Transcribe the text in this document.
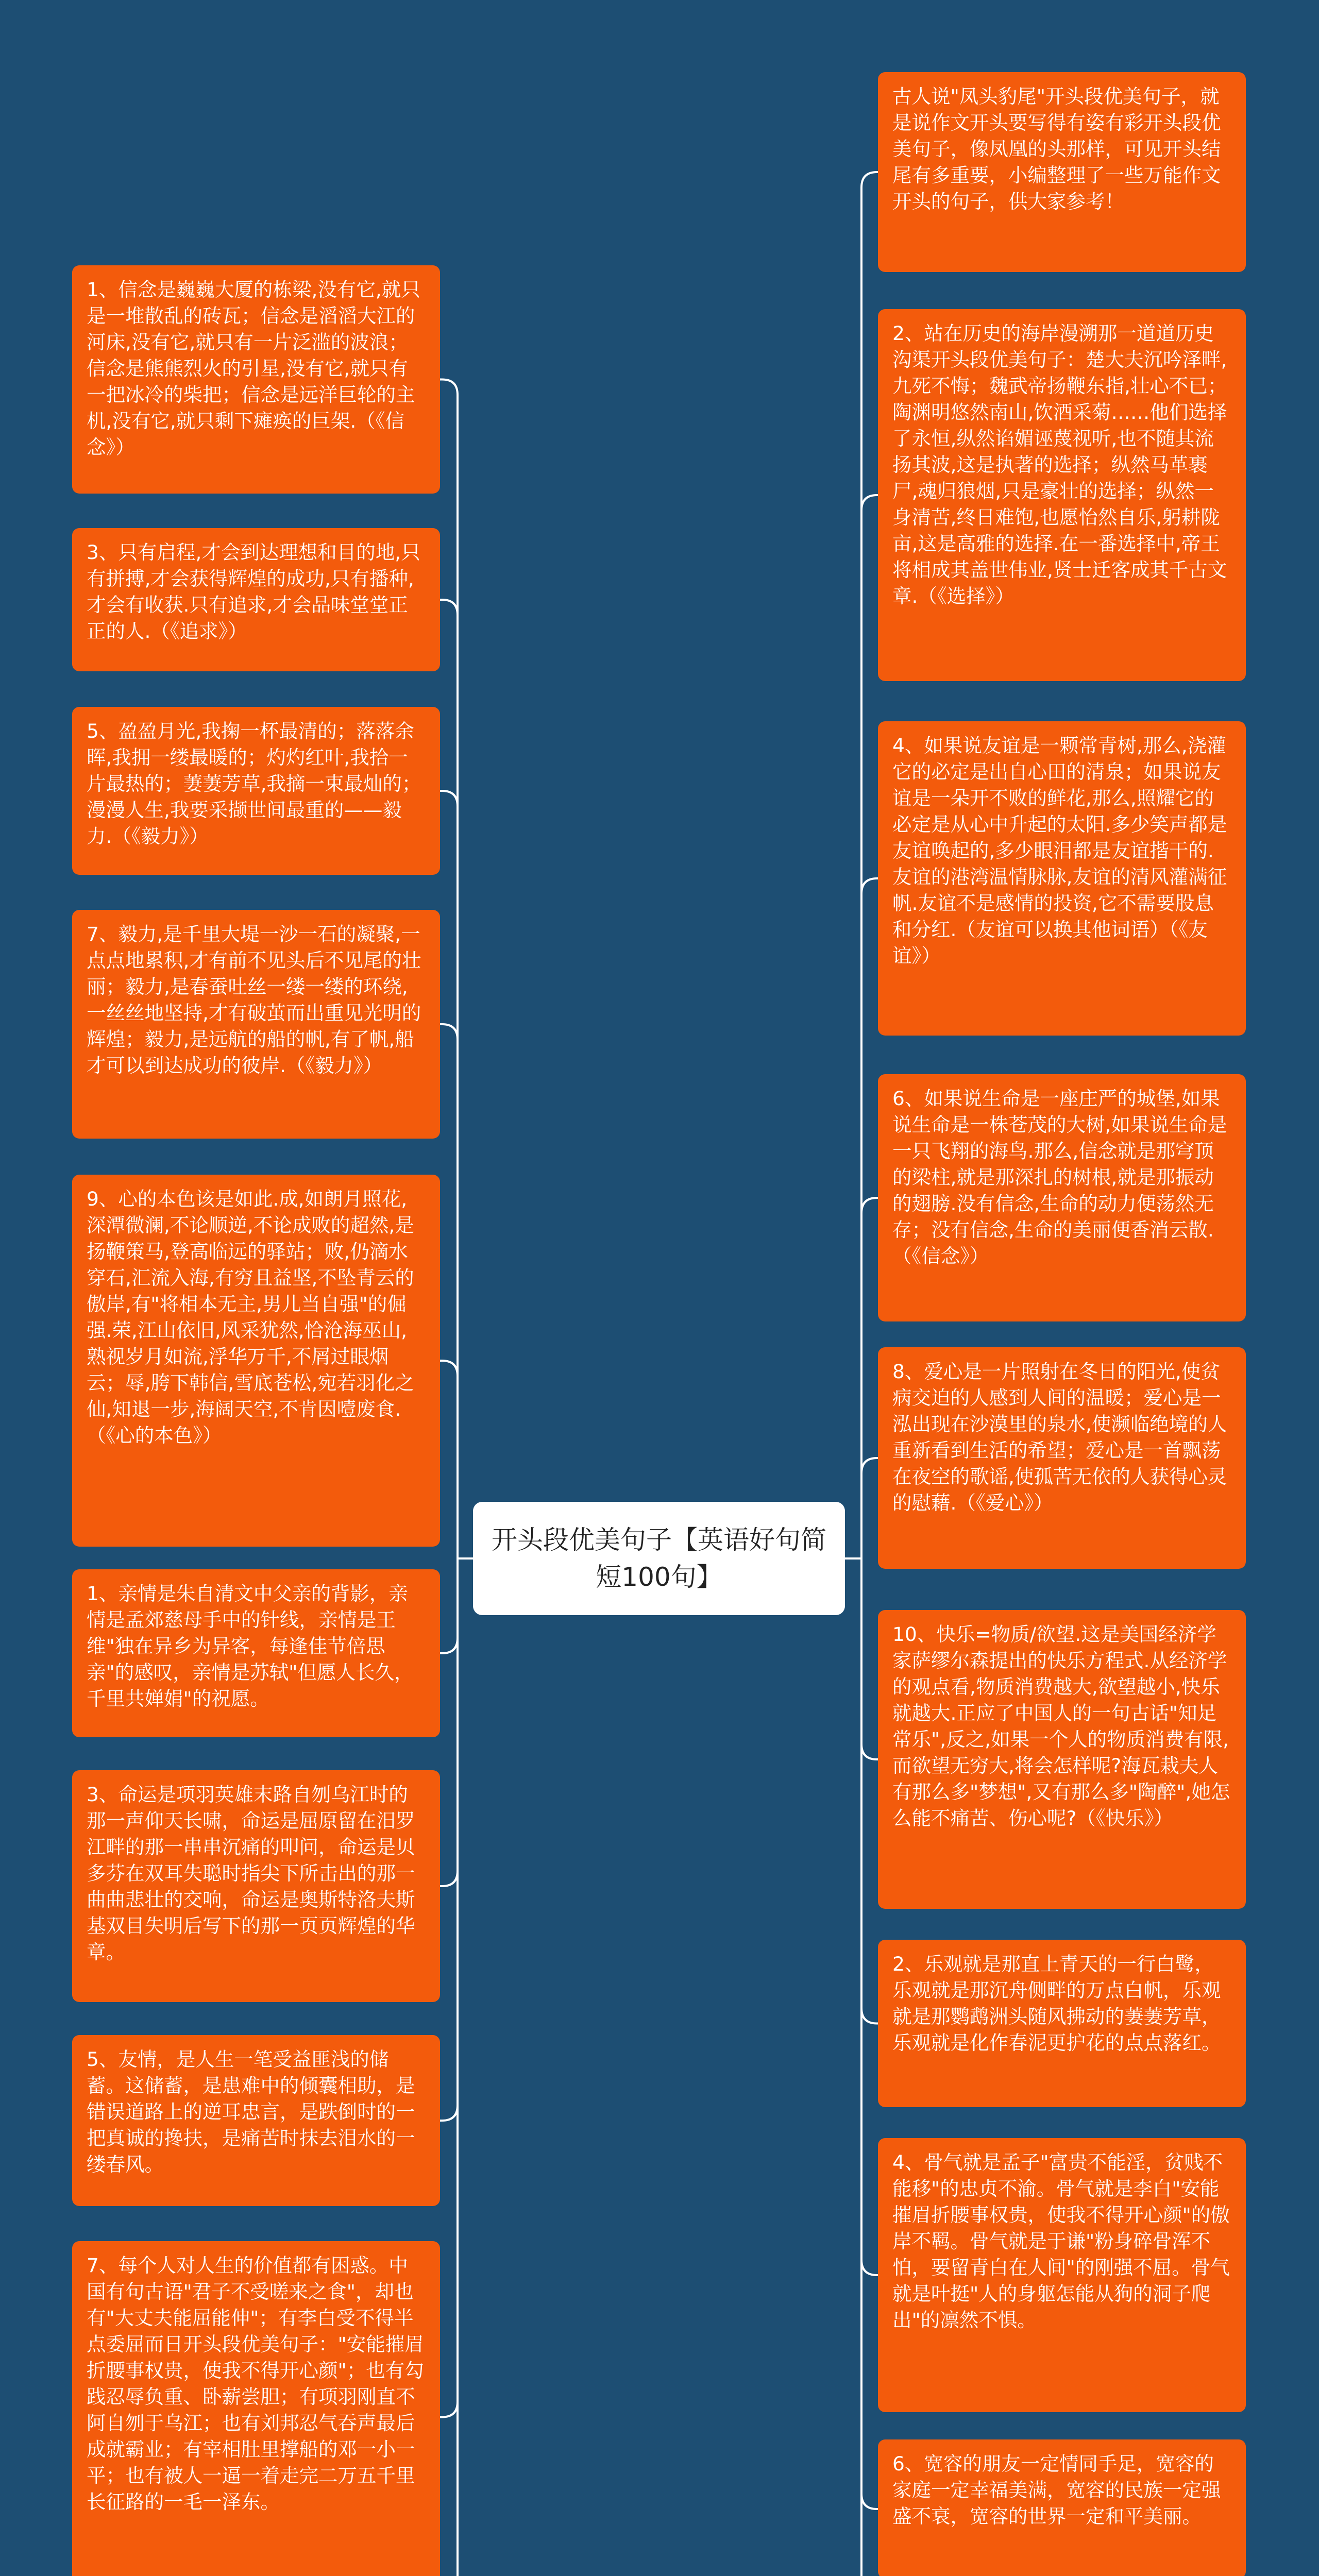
开头段优美句子【英语好句简短100句】
1、信念是巍巍大厦的栋梁,没有它,就只是一堆散乱的砖瓦；信念是滔滔大江的河床,没有它,就只有一片泛滥的波浪；信念是熊熊烈火的引星,没有它,就只有一把冰冷的柴把；信念是远洋巨轮的主机,没有它,就只剩下瘫痪的巨架.（《信念》）
3、只有启程,才会到达理想和目的地,只有拼搏,才会获得辉煌的成功,只有播种,才会有收获.只有追求,才会品味堂堂正正的人.（《追求》）
5、盈盈月光,我掬一杯最清的；落落余晖,我拥一缕最暖的；灼灼红叶,我拾一片最热的；萋萋芳草,我摘一束最灿的；漫漫人生,我要采撷世间最重的——毅力.（《毅力》）
7、毅力,是千里大堤一沙一石的凝聚,一点点地累积,才有前不见头后不见尾的壮丽；毅力,是春蚕吐丝一缕一缕的环绕,一丝丝地坚持,才有破茧而出重见光明的辉煌；毅力,是远航的船的帆,有了帆,船才可以到达成功的彼岸.（《毅力》）
9、心的本色该是如此.成,如朗月照花,深潭微澜,不论顺逆,不论成败的超然,是扬鞭策马,登高临远的驿站；败,仍滴水穿石,汇流入海,有穷且益坚,不坠青云的傲岸,有"将相本无主,男儿当自强"的倔强.荣,江山依旧,风采犹然,恰沧海巫山,熟视岁月如流,浮华万千,不屑过眼烟云；辱,胯下韩信,雪底苍松,宛若羽化之仙,知退一步,海阔天空,不肯因噎废食.（《心的本色》）
1、亲情是朱自清文中父亲的背影，亲情是孟郊慈母手中的针线，亲情是王维"独在异乡为异客，每逢佳节倍思亲"的感叹，亲情是苏轼"但愿人长久，千里共婵娟"的祝愿。
3、命运是项羽英雄末路自刎乌江时的那一声仰天长啸，命运是屈原留在汨罗江畔的那一串串沉痛的叩问，命运是贝多芬在双耳失聪时指尖下所击出的那一曲曲悲壮的交响，命运是奥斯特洛夫斯基双目失明后写下的那一页页辉煌的华章。
5、友情，是人生一笔受益匪浅的储蓄。这储蓄，是患难中的倾囊相助，是错误道路上的逆耳忠言，是跌倒时的一把真诚的搀扶，是痛苦时抹去泪水的一缕春风。
7、每个人对人生的价值都有困惑。中国有句古语"君子不受嗟来之食"，却也有"大丈夫能屈能伸"；有李白受不得半点委屈而日开头段优美句子："安能摧眉折腰事权贵，使我不得开心颜"；也有勾践忍辱负重、卧薪尝胆；有项羽刚直不阿自刎于乌江；也有刘邦忍气吞声最后成就霸业；有宰相肚里撑船的邓一小一平；也有被人一逼一着走完二万五千里长征路的一毛一泽东。
古人说"凤头豹尾"开头段优美句子，就是说作文开头要写得有姿有彩开头段优美句子，像凤凰的头那样，可见开头结尾有多重要，小编整理了一些万能作文开头的句子，供大家参考！
2、站在历史的海岸漫溯那一道道历史沟渠开头段优美句子：楚大夫沉吟泽畔,九死不悔；魏武帝扬鞭东指,壮心不已；陶渊明悠然南山,饮酒采菊……他们选择了永恒,纵然谄媚诬蔑视听,也不随其流扬其波,这是执著的选择；纵然马革裹尸,魂归狼烟,只是豪壮的选择；纵然一身清苦,终日难饱,也愿怡然自乐,躬耕陇亩,这是高雅的选择.在一番选择中,帝王将相成其盖世伟业,贤士迁客成其千古文章.（《选择》）
4、如果说友谊是一颗常青树,那么,浇灌它的必定是出自心田的清泉；如果说友谊是一朵开不败的鲜花,那么,照耀它的必定是从心中升起的太阳.多少笑声都是友谊唤起的,多少眼泪都是友谊揩干的.友谊的港湾温情脉脉,友谊的清风灌满征帆.友谊不是感情的投资,它不需要股息和分红.（友谊可以换其他词语）（《友谊》）
6、如果说生命是一座庄严的城堡,如果说生命是一株苍茂的大树,如果说生命是一只飞翔的海鸟.那么,信念就是那穹顶的梁柱,就是那深扎的树根,就是那振动的翅膀.没有信念,生命的动力便荡然无存；没有信念,生命的美丽便香消云散.（《信念》）
8、爱心是一片照射在冬日的阳光,使贫病交迫的人感到人间的温暖；爱心是一泓出现在沙漠里的泉水,使濒临绝境的人重新看到生活的希望；爱心是一首飘荡在夜空的歌谣,使孤苦无依的人获得心灵的慰藉.（《爱心》）
10、快乐=物质/欲望.这是美国经济学家萨缪尔森提出的快乐方程式.从经济学的观点看,物质消费越大,欲望越小,快乐就越大.正应了中国人的一句古话"知足常乐",反之,如果一个人的物质消费有限,而欲望无穷大,将会怎样呢?海瓦栽夫人有那么多"梦想",又有那么多"陶醉",她怎么能不痛苦、伤心呢?（《快乐》）
2、乐观就是那直上青天的一行白鹭，乐观就是那沉舟侧畔的万点白帆，乐观就是那鹦鹉洲头随风拂动的萋萋芳草，乐观就是化作春泥更护花的点点落红。
4、骨气就是孟子"富贵不能淫，贫贱不能移"的忠贞不渝。骨气就是李白"安能摧眉折腰事权贵，使我不得开心颜"的傲岸不羁。骨气就是于谦"粉身碎骨浑不怕，要留青白在人间"的刚强不屈。骨气就是叶挺"人的身躯怎能从狗的洞子爬出"的凛然不惧。
6、宽容的朋友一定情同手足，宽容的家庭一定幸福美满，宽容的民族一定强盛不衰，宽容的世界一定和平美丽。
